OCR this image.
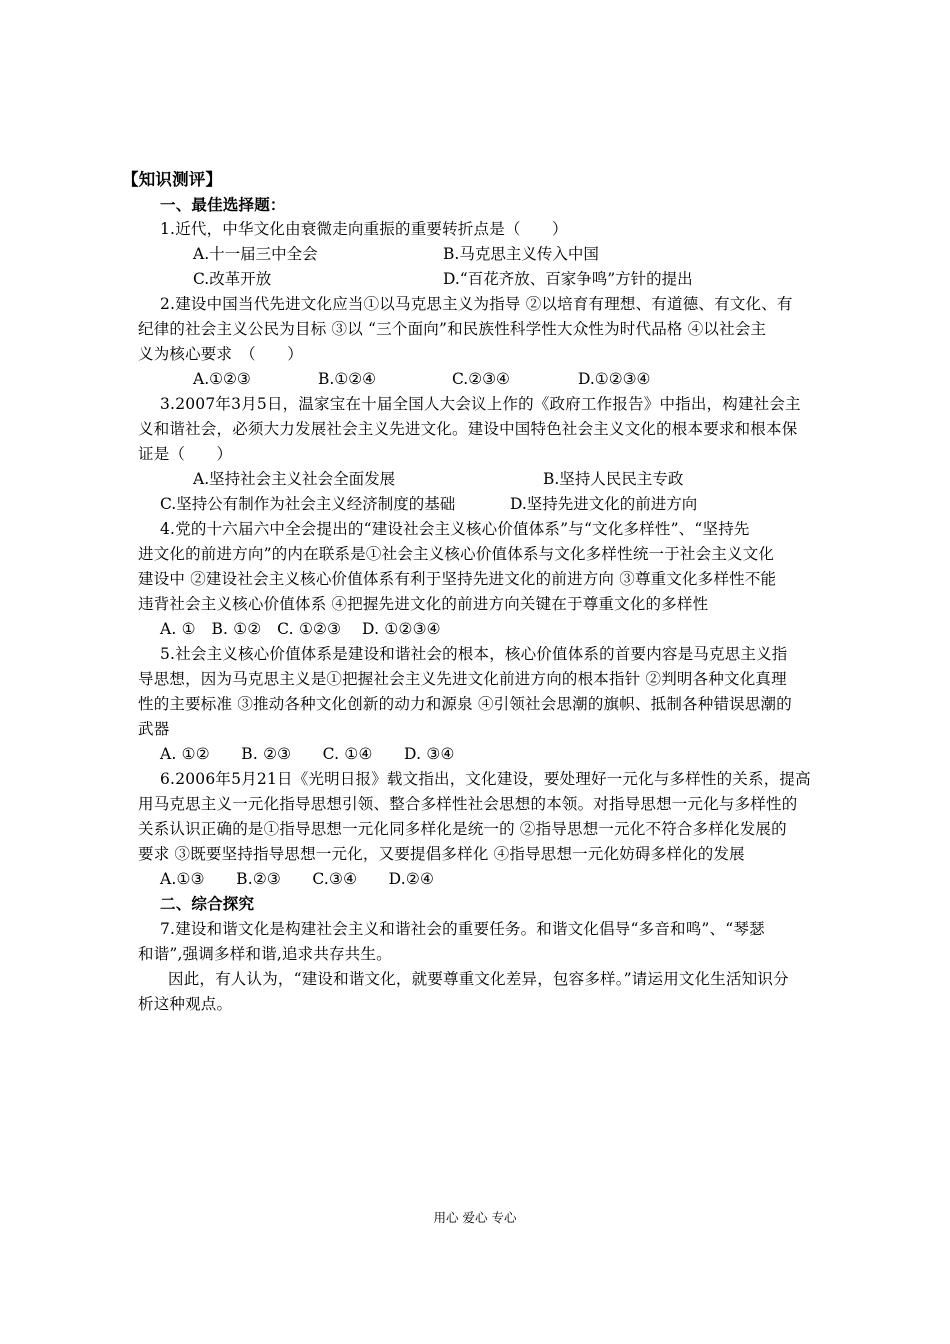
【知识测评】
一、最佳选择题：
1.近代，中华文化由衰微走向重振的重要转折点是（　　）
A.十一届三中全会	B.马克思主义传入中国
C.改革开放	D.“百花齐放、百家争鸣”方针的提出
2.建设中国当代先进文化应当①以马克思主义为指导 ②以培育有理想、有道德、有文化、有
纪律的社会主义公民为目标 ③以 “三个面向”和民族性科学性大众性为时代品格 ④以社会主
义为核心要求　（　　）
A.①②③	B.①②④	C.②③④	D.①②③④
3.2007年3月5日，温家宝在十届全国人大会议上作的《政府工作报告》中指出，构建社会主
义和谐社会，必须大力发展社会主义先进文化。建设中国特色社会主义文化的根本要求和根本保
证是（　　）
A.坚持社会主义社会全面发展	B.坚持人民民主专政
C.坚持公有制作为社会主义经济制度的基础	D.坚持先进文化的前进方向
4.党的十六届六中全会提出的“建设社会主义核心价值体系”与“文化多样性”、“坚持先
进文化的前进方向”的内在联系是①社会主义核心价值体系与文化多样性统一于社会主义文化
建设中 ②建设社会主义核心价值体系有利于坚持先进文化的前进方向 ③尊重文化多样性不能
违背社会主义核心价值体系 ④把握先进文化的前进方向关键在于尊重文化的多样性
A. ①　B. ①②　C. ①②③　 D. ①②③④
5.社会主义核心价值体系是建设和谐社会的根本，核心价值体系的首要内容是马克思主义指
导思想，因为马克思主义是①把握社会主义先进文化前进方向的根本指针 ②判明各种文化真理
性的主要标准 ③推动各种文化创新的动力和源泉 ④引领社会思潮的旗帜、抵制各种错误思潮的
武器
A. ①②　　B. ②③　　C. ①④　　D. ③④
6.2006年5月21日《光明日报》载文指出，文化建设，要处理好一元化与多样性的关系，提高
用马克思主义一元化指导思想引领、整合多样性社会思想的本领。对指导思想一元化与多样性的
关系认识正确的是①指导思想一元化同多样化是统一的 ②指导思想一元化不符合多样化发展的
要求 ③既要坚持指导思想一元化，又要提倡多样化 ④指导思想一元化妨碍多样化的发展
A.①③　　B.②③　　C.③④　　D.②④
二、综合探究
7.建设和谐文化是构建社会主义和谐社会的重要任务。和谐文化倡导“多音和鸣”、“琴瑟
和谐”,强调多样和谐,追求共存共生。
因此，有人认为，“建设和谐文化，就要尊重文化差异，包容多样。”请运用文化生活知识分
析这种观点。
用心 爱心 专心
